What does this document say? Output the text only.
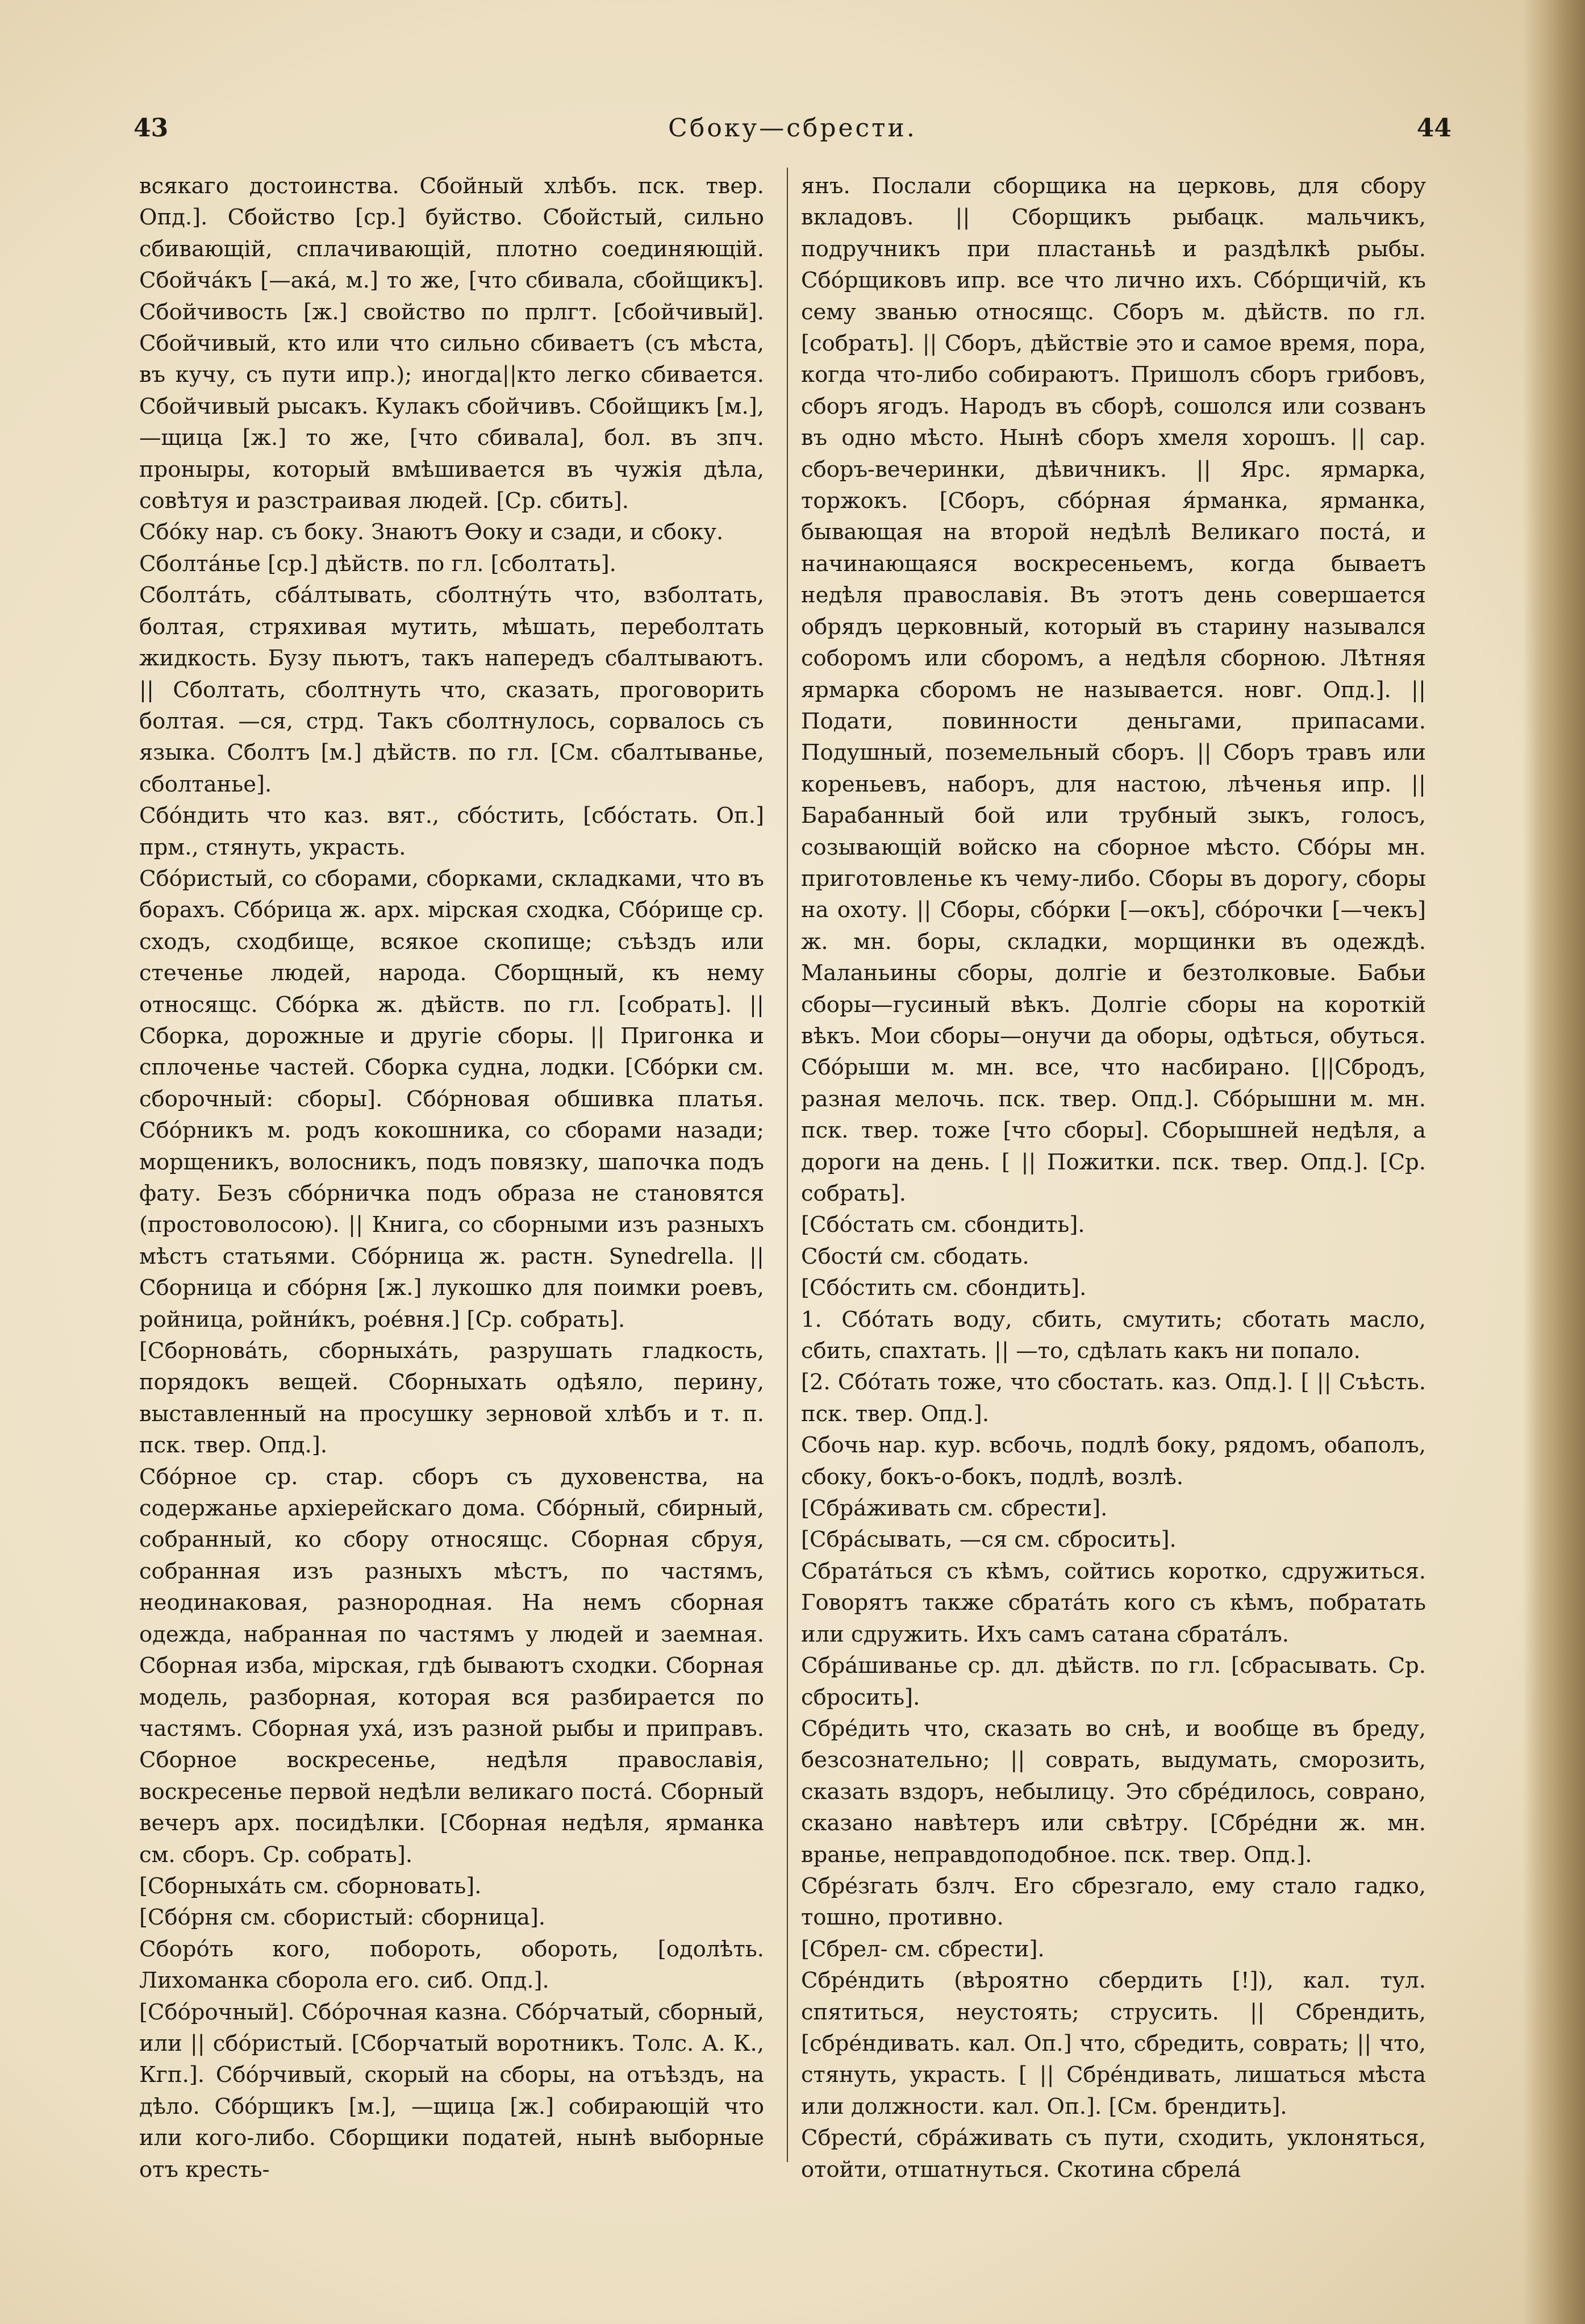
43	Сбоку—сбрести.	44

всякаго достоинства. Сбойный хлѣбъ. пск. твер. Опд.]. Сбойство [ср.] буйство. Сбойстый, сильно сбивающій, сплачивающій, плотно соединяющій. Сбойча́къ [—ака́, м.] то же, [что сбивала, сбойщикъ]. Сбойчивость [ж.] свойство по прлгт. [сбойчивый]. Сбойчивый, кто или что сильно сбиваетъ (съ мѣста, въ кучу, съ пути ипр.); иногда||кто легко сбивается. Сбойчивый рысакъ. Кулакъ сбойчивъ. Сбойщикъ [м.], —щица [ж.] то же, [что сбивала], бол. въ зпч. проныры, который вмѣшивается въ чужія дѣла, совѣтуя и разстраивая людей. [Ср. сбить].

Сбо́ку нар. съ боку. Знаютъ Ѳоку и сзади, и сбоку.

Сболта́нье [ср.] дѣйств. по гл. [сболтать].

Сболта́ть, сба́лтывать, сболтну́ть что, взболтать, болтая, стряхивая мутить, мѣшать, переболтать жидкость. Бузу пьютъ, такъ напередъ сбалтываютъ. || Сболтать, сболтнуть что, сказать, проговорить болтая. —ся, стрд. Такъ сболтнулось, сорвалось съ языка. Сболтъ [м.] дѣйств. по гл. [См. сбалтыванье, сболтанье].

Сбо́ндить что каз. вят., сбо́стить, [сбо́стать. Оп.] прм., стянуть, украсть.

Сбо́ристый, со сборами, сборками, складками, что въ борахъ. Сбо́рица ж. арх. мірская сходка, Сбо́рище ср. сходъ, сходбище, всякое скопище; съѣздъ или стеченье людей, народа. Сборщный, къ нему относящс. Сбо́рка ж. дѣйств. по гл. [собрать]. || Сборка, дорожные и другіе сборы. || Пригонка и сплоченье частей. Сборка судна, лодки. [Сбо́рки см. сборочный: сборы]. Сбо́рновая обшивка платья. Сбо́рникъ м. родъ кокошника, со сборами назади; морщеникъ, волосникъ, подъ повязку, шапочка подъ фату. Безъ сбо́рничка подъ образа не становятся (простоволосою). || Книга, со сборными изъ разныхъ мѣстъ статьями. Сбо́рница ж. растн. Synedrella. || Сборница и сбо́рня [ж.] лукошко для поимки роевъ, ройница, ройни́къ, рое́вня.] [Ср. собрать].

[Сборнова́ть, сборныха́ть, разрушать гладкость, порядокъ вещей. Сборныхать одѣяло, перину, выставленный на просушку зерновой хлѣбъ и т. п. пск. твер. Опд.].

Сбо́рное ср. стар. сборъ съ духовенства, на содержанье архіерейскаго дома. Сбо́рный, сбирный, собранный, ко сбору относящс. Сборная сбруя, собранная изъ разныхъ мѣстъ, по частямъ, неодинаковая, разнородная. На немъ сборная одежда, набранная по частямъ у людей и заемная. Сборная изба, мірская, гдѣ бываютъ сходки. Сборная модель, разборная, которая вся разбирается по частямъ. Сборная уха́, изъ разной рыбы и приправъ. Сборное воскресенье, недѣля православія, воскресенье первой недѣли великаго поста́. Сборный вечеръ арх. посидѣлки. [Сборная недѣля, ярманка см. сборъ. Ср. собрать].

[Сборныха́ть см. сборновать].

[Сбо́рня см. сбористый: сборница].

Сборо́ть кого, побороть, обороть, [одолѣть. Лихоманка сборола его. сиб. Опд.].

[Сбо́рочный]. Сбо́рочная казна. Сбо́рчатый, сборный, или || сбо́ристый. [Сборчатый воротникъ. Толс. А. К., Кгп.]. Сбо́рчивый, скорый на сборы, на отъѣздъ, на дѣло. Сбо́рщикъ [м.], —щица [ж.] собирающій что или кого-либо. Сборщики податей, нынѣ выборные отъ кресть-

янъ. Послали сборщика на церковь, для сбору вкладовъ. || Сборщикъ рыбацк. мальчикъ, подручникъ при пластаньѣ и раздѣлкѣ рыбы. Сбо́рщиковъ ипр. все что лично ихъ. Сбо́рщичій, къ сему званью относящс. Сборъ м. дѣйств. по гл. [собрать]. || Сборъ, дѣйствіе это и самое время, пора, когда что-либо собираютъ. Пришолъ сборъ грибовъ, сборъ ягодъ. Народъ въ сборѣ, сошолся или созванъ въ одно мѣсто. Нынѣ сборъ хмеля хорошъ. || сар. сборъ-вечеринки, дѣвичникъ. || Ярс. ярмарка, торжокъ. [Сборъ, сбо́рная я́рманка, ярманка, бывающая на второй недѣлѣ Великаго поста́, и начинающаяся воскресеньемъ, когда бываетъ недѣля православія. Въ этотъ день совершается обрядъ церковный, который въ старину назывался соборомъ или сборомъ, а недѣля сборною. Лѣтняя ярмарка сборомъ не называется. новг. Опд.]. || Подати, повинности деньгами, припасами. Подушный, поземельный сборъ. || Сборъ травъ или кореньевъ, наборъ, для настою, лѣченья ипр. || Барабанный бой или трубный зыкъ, голосъ, созывающій войско на сборное мѣсто. Сбо́ры мн. приготовленье къ чему-либо. Сборы въ дорогу, сборы на охоту. || Сборы, сбо́рки [—окъ], сбо́рочки [—чекъ] ж. мн. боры, складки, морщинки въ одеждѣ. Маланьины сборы, долгіе и безтолковые. Бабьи сборы—гусиный вѣкъ. Долгіе сборы на короткій вѣкъ. Мои сборы—онучи да оборы, одѣться, обуться. Сбо́рыши м. мн. все, что насбирано. [||Сбродъ, разная мелочь. пск. твер. Опд.]. Сбо́рышни м. мн. пск. твер. тоже [что сборы]. Сборышней недѣля, а дороги на день. [ || Пожитки. пск. твер. Опд.]. [Ср. собрать].

[Сбо́стать см. сбондить].

Сбости́ см. сбодать.

[Сбо́стить см. сбондить].

1. Сбо́тать воду, сбить, смутить; сботать масло, сбить, спахтать. || —то, сдѣлать какъ ни попало.

[2. Сбо́тать тоже, что сбостать. каз. Опд.]. [ || Съѣсть. пск. твер. Опд.].

Сбочь нар. кур. всбочь, подлѣ боку, рядомъ, обаполъ, сбоку, бокъ-о-бокъ, подлѣ, возлѣ.

[Сбра́живать см. сбрести].

[Сбра́сывать, —ся см. сбросить].

Сбрата́ться съ кѣмъ, сойтись коротко, сдружиться. Говорятъ также сбрата́ть кого съ кѣмъ, побратать или сдружить. Ихъ самъ сатана сбрата́лъ.

Сбра́шиванье ср. дл. дѣйств. по гл. [сбрасывать. Ср. сбросить].

Сбре́дить что, сказать во снѣ, и вообще въ бреду, безсознательно; || соврать, выдумать, сморозить, сказать вздоръ, небылицу. Это сбре́дилось, соврано, сказано навѣтеръ или свѣтру. [Сбре́дни ж. мн. вранье, неправдоподобное. пск. твер. Опд.].

Сбре́згать бзлч. Его сбрезгало, ему стало гадко, тошно, противно.

[Сбрел- см. сбрести].

Сбре́ндить (вѣроятно сбердить [!]), кал. тул. спятиться, неустоять; струсить. || Сбрендить, [сбре́ндивать. кал. Оп.] что, сбредить, соврать; || что, стянуть, украсть. [ || Сбре́ндивать, лишаться мѣста или должности. кал. Оп.]. [См. брендить].

Сбрести́, сбра́живать съ пути, сходить, уклоняться, отойти, отшатнуться. Скотина сбрела́
